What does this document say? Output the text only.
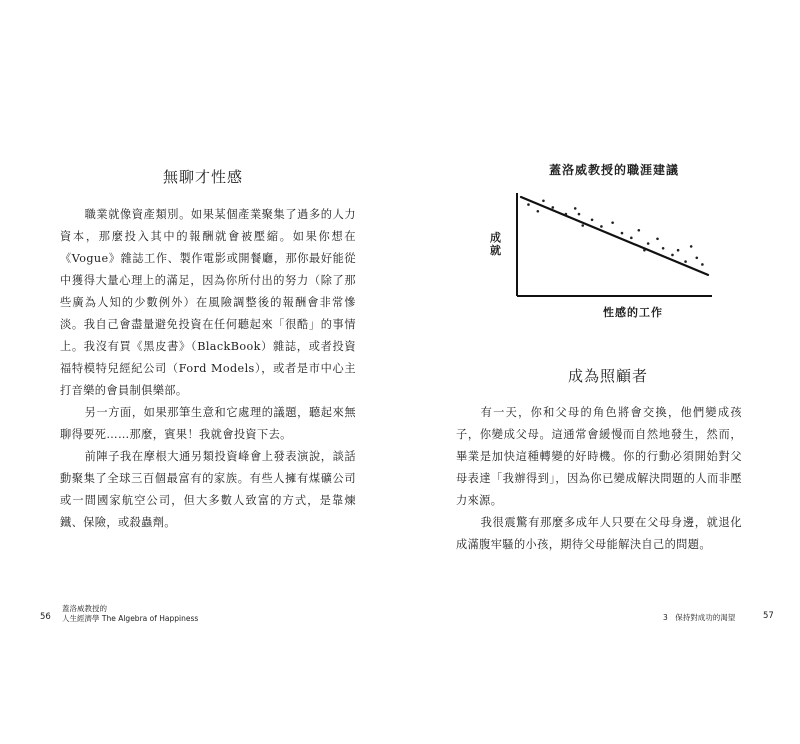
無聊才性感

職業就像資產類別。如果某個產業聚集了過多的人力資本，那麼投入其中的報酬就會被壓縮。如果你想在《Vogue》雜誌工作、製作電影或開餐廳，那你最好能從中獲得大量心理上的滿足，因為你所付出的努力（除了那些廣為人知的少數例外）在風險調整後的報酬會非常慘淡。我自己會盡量避免投資在任何聽起來「很酷」的事情上。我沒有買《黑皮書》（BlackBook）雜誌，或者投資福特模特兒經紀公司（Ford Models），或者是市中心主打音樂的會員制俱樂部。

另一方面，如果那筆生意和它處理的議題，聽起來無聊得要死……那麼，賓果！我就會投資下去。

前陣子我在摩根大通另類投資峰會上發表演說，談話動聚集了全球三百個最富有的家族。有些人擁有煤礦公司或一間國家航空公司，但大多數人致富的方式，是靠煉鐵、保險，或殺蟲劑。

56
蓋洛威教授的
人生經濟學 The Algebra of Happiness
蓋洛威教授的職涯建議
成就
性感的工作
成為照顧者

有一天，你和父母的角色將會交換，他們變成孩子，你變成父母。這通常會緩慢而自然地發生，然而，畢業是加快這種轉變的好時機。你的行動必須開始對父母表達「我辦得到」，因為你已變成解決問題的人而非壓力來源。

我很震驚有那麼多成年人只要在父母身邊，就退化成滿腹牢騷的小孩，期待父母能解決自己的問題。

3　保持對成功的渴望	57
